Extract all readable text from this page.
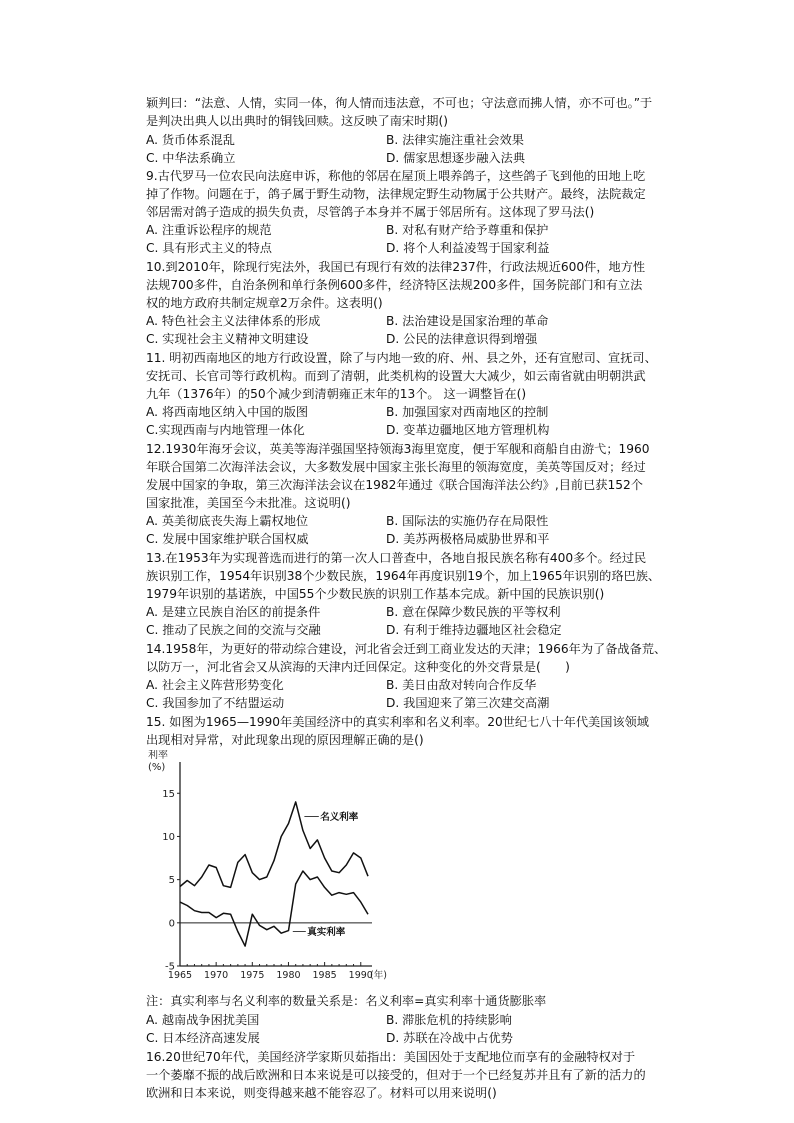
颖判曰：“法意、人情，实同一体，徇人情而违法意，不可也；守法意而拂人情，亦不可也。”于
是判决出典人以出典时的铜钱回赎。这反映了南宋时期()
A. 货币体系混乱	B. 法律实施注重社会效果
C. 中华法系确立	D. 儒家思想逐步融入法典
9.古代罗马一位农民向法庭申诉，称他的邻居在屋顶上喂养鸽子，这些鸽子飞到他的田地上吃
掉了作物。问题在于，鸽子属于野生动物，法律规定野生动物属于公共财产。最终，法院裁定
邻居需对鸽子造成的损失负责，尽管鸽子本身并不属于邻居所有。这体现了罗马法()
A. 注重诉讼程序的规范	B. 对私有财产给予尊重和保护
C. 具有形式主义的特点	D. 将个人利益凌驾于国家利益
10.到2010年，除现行宪法外，我国已有现行有效的法律237件，行政法规近600件，地方性
法规700多件，自治条例和单行条例600多件，经济特区法规200多件，国务院部门和有立法
权的地方政府共制定规章2万余件。这表明()
A. 特色社会主义法律体系的形成	B. 法治建设是国家治理的革命
C. 实现社会主义精神文明建设	D. 公民的法律意识得到增强
11. 明初西南地区的地方行政设置，除了与内地一致的府、州、县之外，还有宣慰司、宣抚司、
安抚司、长官司等行政机构。而到了清朝，此类机构的设置大大减少，如云南省就由明朝洪武
九年（1376年）的50个减少到清朝雍正末年的13个。 这一调整旨在()
A. 将西南地区纳入中国的版图	B. 加强国家对西南地区的控制
C.实现西南与内地管理一体化	D. 变革边疆地区地方管理机构
12.1930年海牙会议，英美等海洋强国坚持领海3海里宽度，便于军舰和商船自由游弋；1960
年联合国第二次海洋法会议，大多数发展中国家主张长海里的领海宽度，美英等国反对；经过
发展中国家的争取，第三次海洋法会议在1982年通过《联合国海洋法公约》,目前已获152个
国家批准，美国至今未批准。这说明()
A. 英美彻底丧失海上霸权地位	B. 国际法的实施仍存在局限性
C. 发展中国家维护联合国权威	D. 美苏两极格局威胁世界和平
13.在1953年为实现普选而进行的第一次人口普查中，各地自报民族名称有400多个。经过民
族识别工作，1954年识别38个少数民族，1964年再度识别19个，加上1965年识别的珞巴族、
1979年识别的基诺族，中国55个少数民族的识别工作基本完成。新中国的民族识别()
A. 是建立民族自治区的前提条件	B. 意在保障少数民族的平等权利
C. 推动了民族之间的交流与交融	D. 有利于维持边疆地区社会稳定
14.1958年，为更好的带动综合建设，河北省会迁到工商业发达的天津；1966年为了备战备荒、
以防万一，河北省会又从滨海的天津内迁回保定。这种变化的外交背景是(　　)
A. 社会主义阵营形势变化	B. 美日由敌对转向合作反华
C. 我国参加了不结盟运动	D. 我国迎来了第三次建交高潮
15. 如图为1965—1990年美国经济中的真实利率和名义利率。20世纪七八十年代美国该领域
出现相对异常，对此现象出现的原因理解正确的是()
利率
(%)
15
10
5
0
-5
1965 1970 1975 1980 1985 1990
(年)
名义利率
真实利率
注：真实利率与名义利率的数量关系是：名义利率=真实利率十通货膨胀率
A. 越南战争困扰美国	B. 滞胀危机的持续影响
C. 日本经济高速发展	D. 苏联在冷战中占优势
16.20世纪70年代，美国经济学家斯贝茹指出：美国因处于支配地位而享有的金融特权对于
一个萎靡不振的战后欧洲和日本来说是可以接受的，但对于一个已经复苏并且有了新的活力的
欧洲和日本来说，则变得越来越不能容忍了。材料可以用来说明()
